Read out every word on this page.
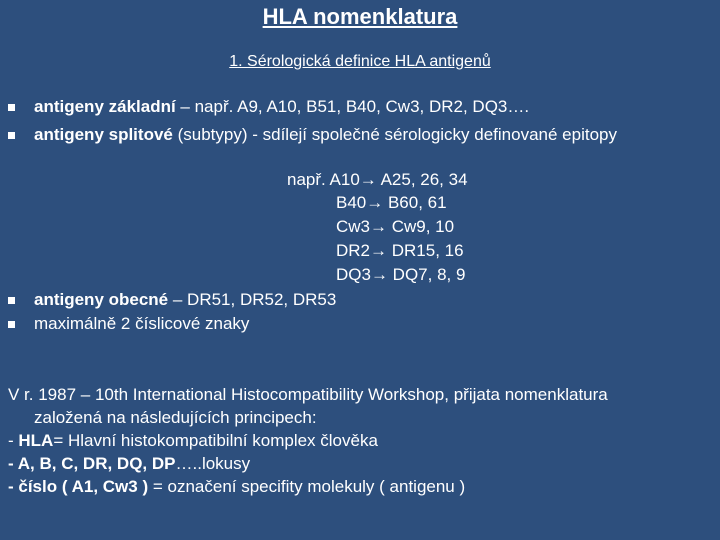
HLA nomenklatura
1. Sérologická definice HLA antigenů
antigeny základní – např. A9, A10, B51, B40, Cw3, DR2, DQ3….
antigeny splitové (subtypy) - sdílejí společné sérologicky definované epitopy
např. A10→ A25, 26, 34
B40→ B60, 61
Cw3→ Cw9, 10
DR2→ DR15, 16
DQ3→ DQ7, 8, 9
antigeny obecné – DR51, DR52, DR53
maximálně 2 číslicové znaky
V r. 1987 – 10th International Histocompatibility Workshop, přijata nomenklatura
založená na následujících principech:
- HLA= Hlavní histokompatibilní komplex člověka
- A, B, C, DR, DQ, DP…..lokusy
- číslo ( A1, Cw3 ) = označení specifity molekuly ( antigenu )
